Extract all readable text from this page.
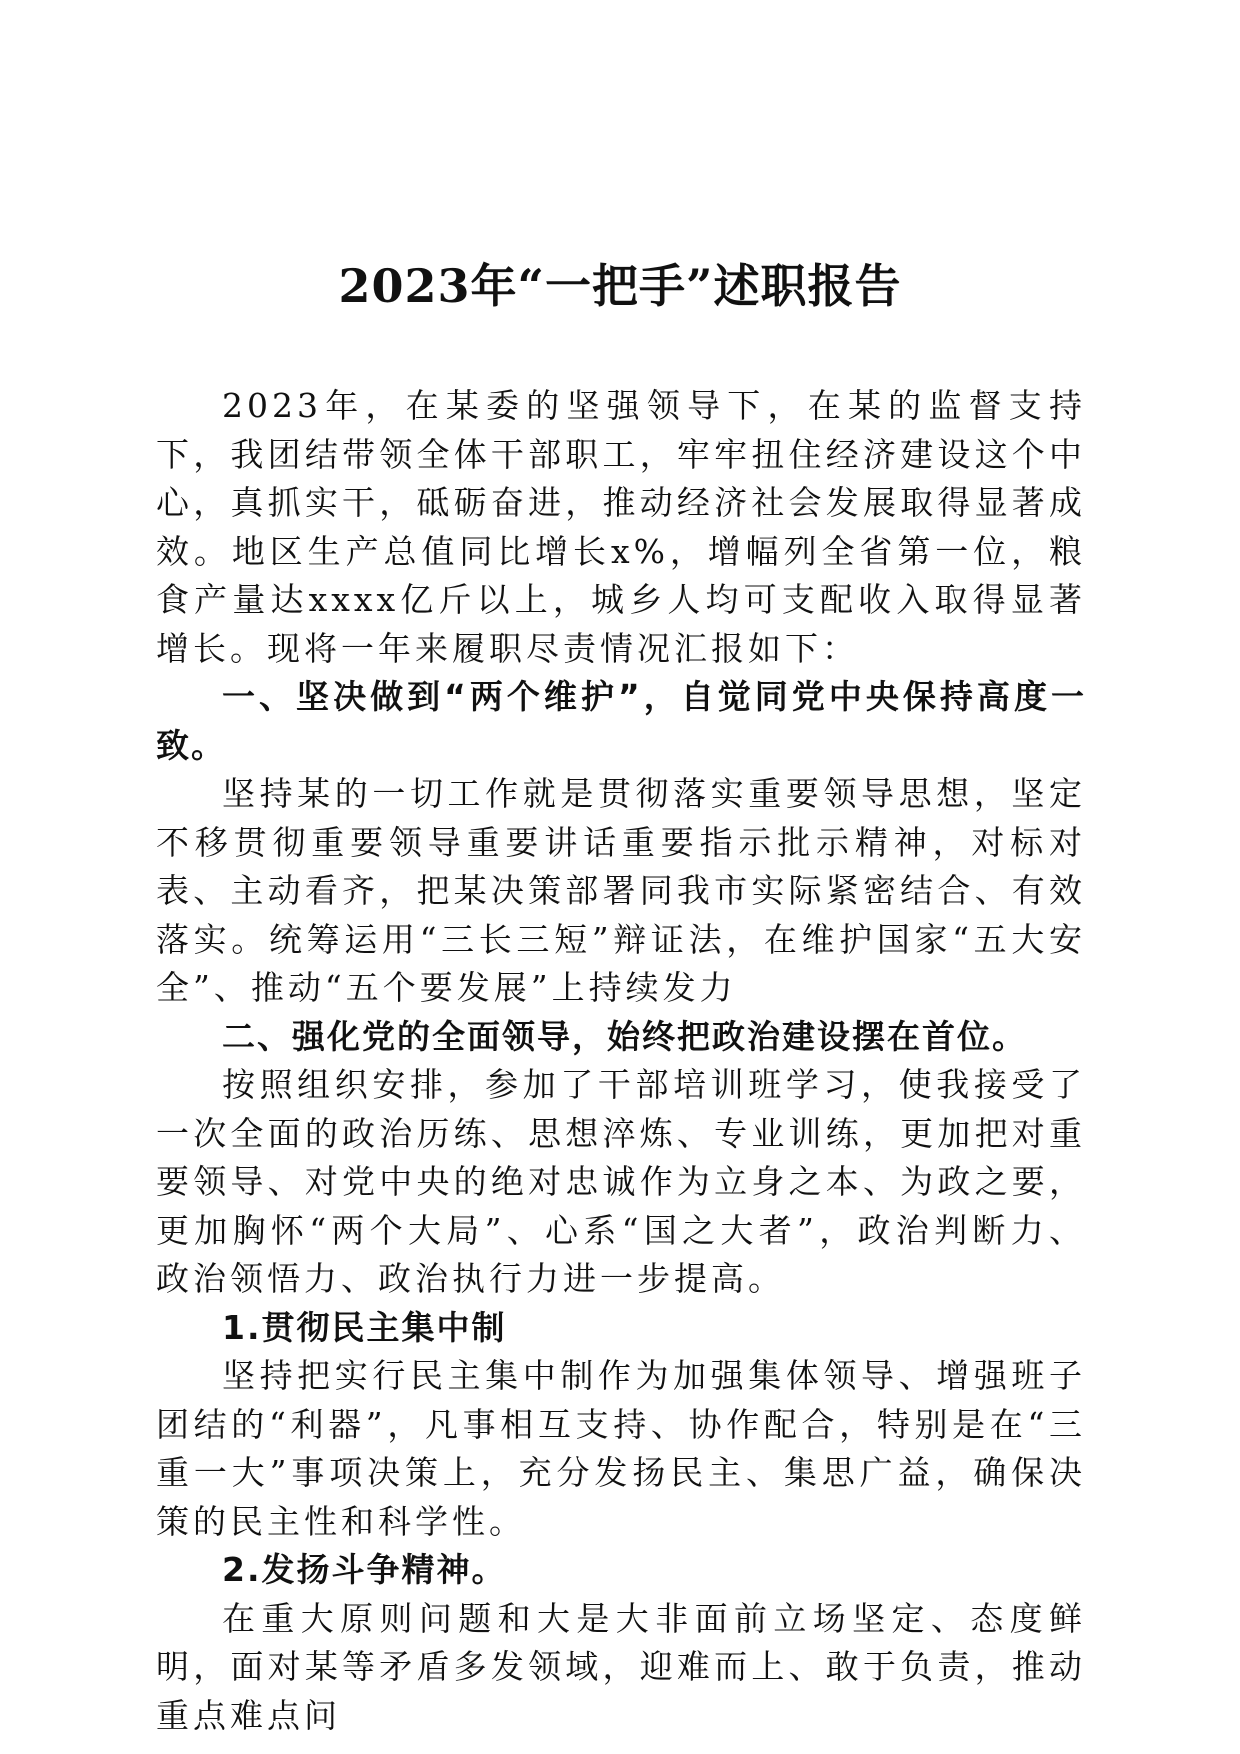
2023年“一把手”述职报告

2023年，在某委的坚强领导下，在某的监督支持下，我团结带领全体干部职工，牢牢扭住经济建设这个中心，真抓实干，砥砺奋进，推动经济社会发展取得显著成效。地区生产总值同比增长x%，增幅列全省第一位，粮食产量达xxxx亿斤以上，城乡人均可支配收入取得显著增长。现将一年来履职尽责情况汇报如下：

一、坚决做到“两个维护”，自觉同党中央保持高度一致。

坚持某的一切工作就是贯彻落实重要领导思想，坚定不移贯彻重要领导重要讲话重要指示批示精神，对标对表、主动看齐，把某决策部署同我市实际紧密结合、有效落实。统筹运用“三长三短”辩证法，在维护国家“五大安全”、推动“五个要发展”上持续发力

二、强化党的全面领导，始终把政治建设摆在首位。

按照组织安排，参加了干部培训班学习，使我接受了一次全面的政治历练、思想淬炼、专业训练，更加把对重要领导、对党中央的绝对忠诚作为立身之本、为政之要，更加胸怀“两个大局”、心系“国之大者”，政治判断力、政治领悟力、政治执行力进一步提高。

1.贯彻民主集中制

坚持把实行民主集中制作为加强集体领导、增强班子团结的“利器”，凡事相互支持、协作配合，特别是在“三重一大”事项决策上，充分发扬民主、集思广益，确保决策的民主性和科学性。

2.发扬斗争精神。

在重大原则问题和大是大非面前立场坚定、态度鲜明，面对某等矛盾多发领域，迎难而上、敢于负责，推动重点难点问
